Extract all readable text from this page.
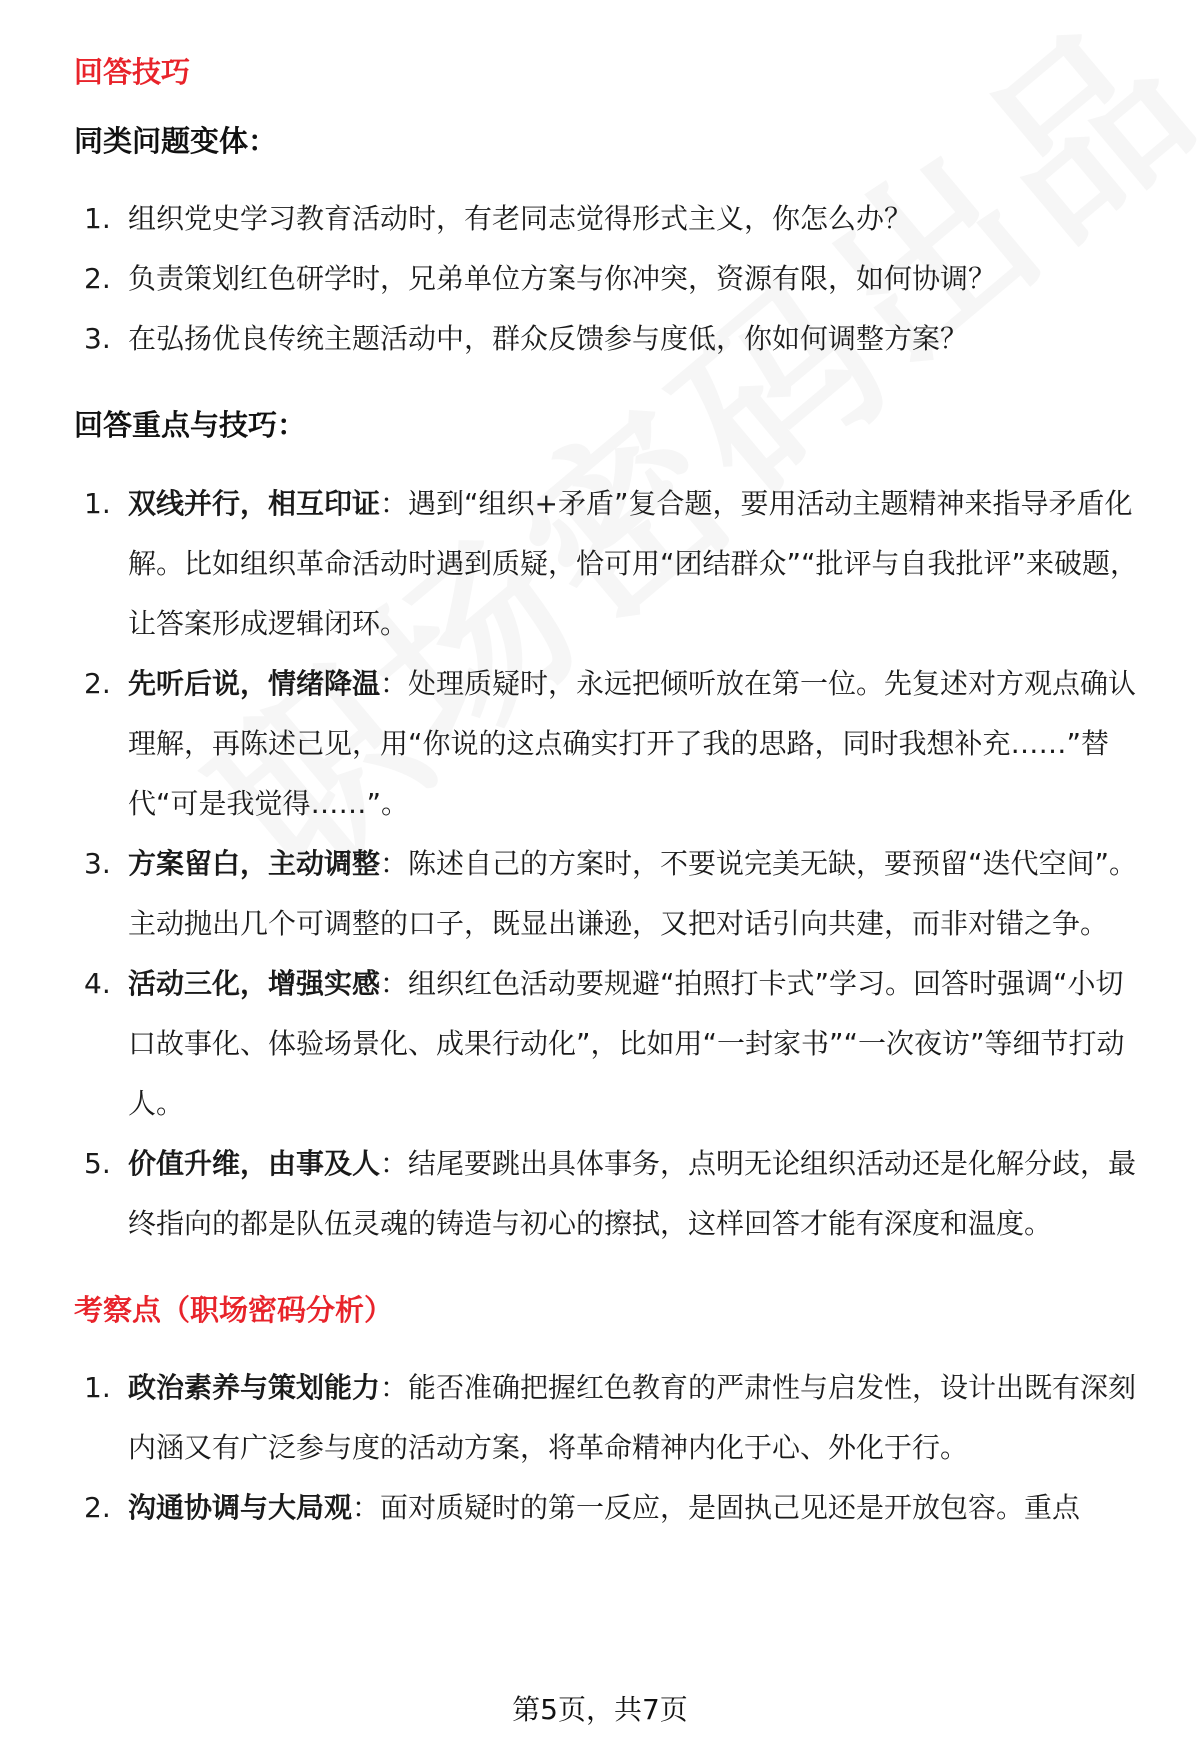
回答技巧
同类问题变体：
1. 组织党史学习教育活动时，有老同志觉得形式主义，你怎么办？
2. 负责策划红色研学时，兄弟单位方案与你冲突，资源有限，如何协调？
3. 在弘扬优良传统主题活动中，群众反馈参与度低，你如何调整方案？
回答重点与技巧：
1. 双线并行，相互印证：遇到“组织+矛盾”复合题，要用活动主题精神来指导矛盾化解。比如组织革命活动时遇到质疑，恰可用“团结群众”“批评与自我批评”来破题，让答案形成逻辑闭环。
2. 先听后说，情绪降温：处理质疑时，永远把倾听放在第一位。先复述对方观点确认理解，再陈述己见，用“你说的这点确实打开了我的思路，同时我想补充……”替代“可是我觉得……”。
3. 方案留白，主动调整：陈述自己的方案时，不要说完美无缺，要预留“迭代空间”。主动抛出几个可调整的口子，既显出谦逊，又把对话引向共建，而非对错之争。
4. 活动三化，增强实感：组织红色活动要规避“拍照打卡式”学习。回答时强调“小切口故事化、体验场景化、成果行动化”，比如用“一封家书”“一次夜访”等细节打动人。
5. 价值升维，由事及人：结尾要跳出具体事务，点明无论组织活动还是化解分歧，最终指向的都是队伍灵魂的铸造与初心的擦拭，这样回答才能有深度和温度。
考察点（职场密码分析）
1. 政治素养与策划能力：能否准确把握红色教育的严肃性与启发性，设计出既有深刻内涵又有广泛参与度的活动方案，将革命精神内化于心、外化于行。
2. 沟通协调与大局观：面对质疑时的第一反应，是固执己见还是开放包容。重点
第5页，共7页
